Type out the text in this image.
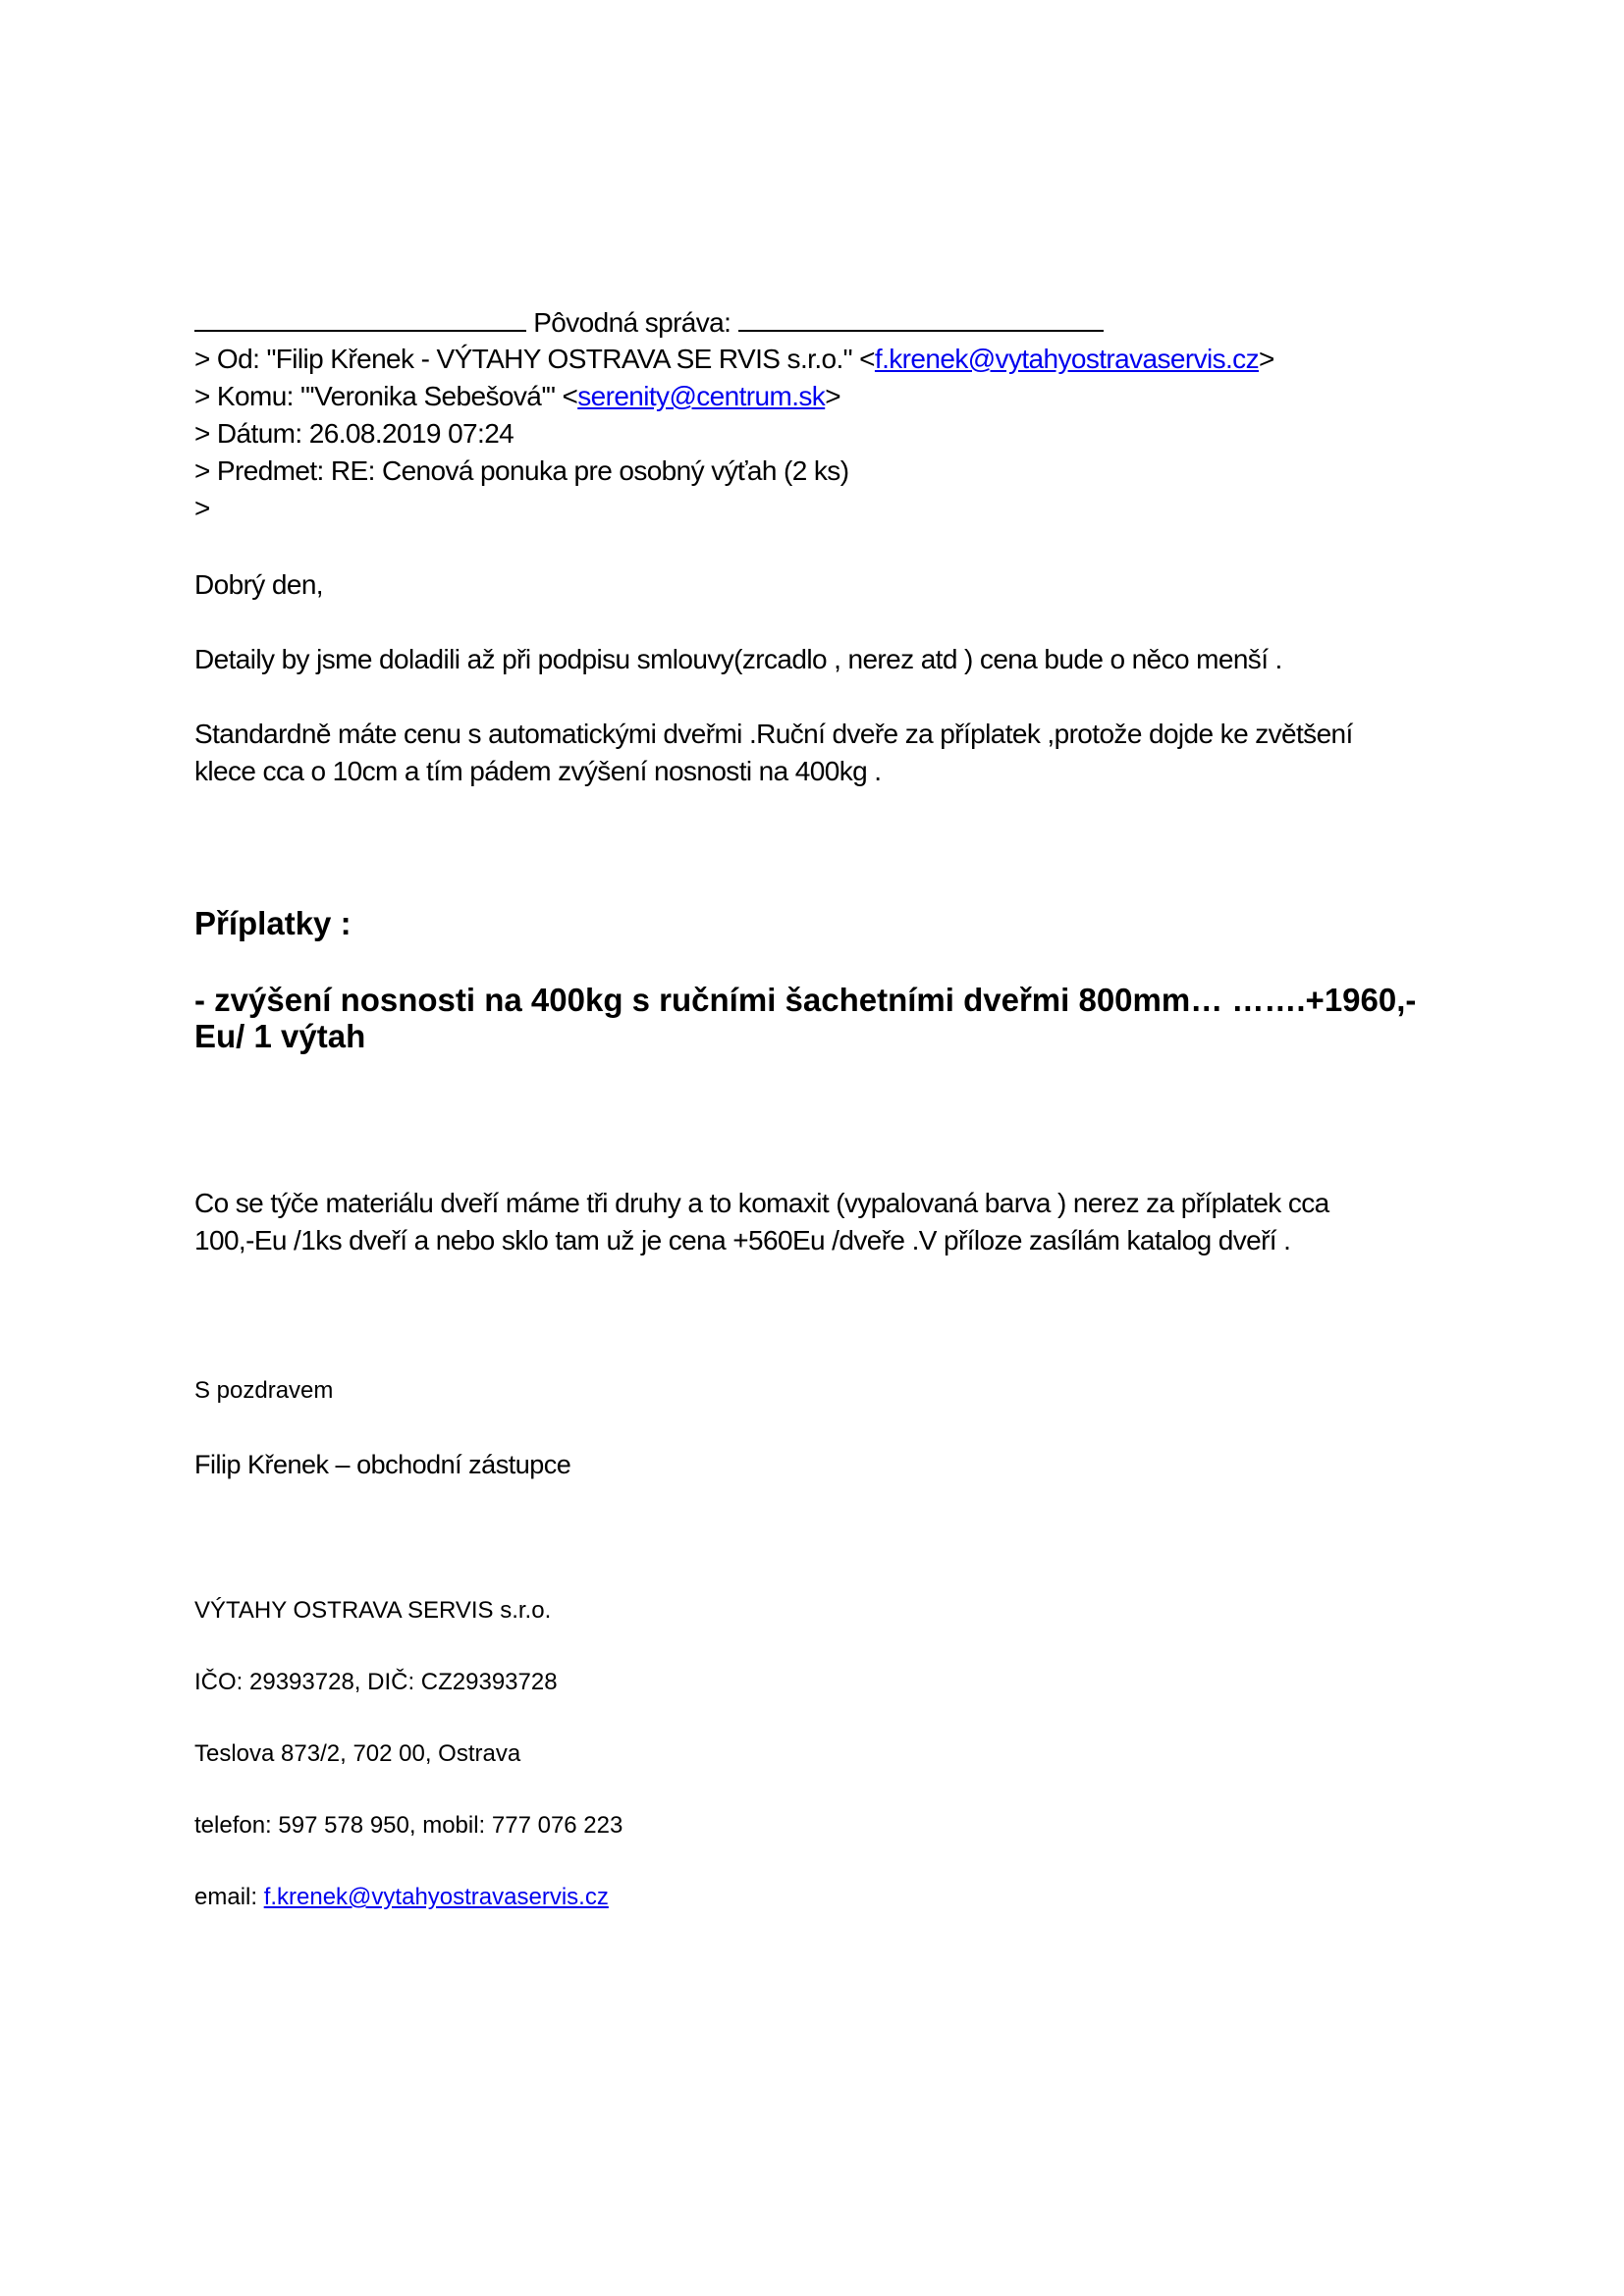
Pôvodná správa:
> Od: "Filip Křenek - VÝTAHY OSTRAVA SE RVIS s.r.o." <f.krenek@vytahyostravaservis.cz>
> Komu: "'Veronika Sebešová'" <serenity@centrum.sk>
> Dátum: 26.08.2019 07:24
> Predmet: RE: Cenová ponuka pre osobný výťah (2 ks)
>
Dobrý den,
Detaily by jsme doladili až při podpisu smlouvy(zrcadlo , nerez atd ) cena bude o něco menší .
Standardně máte cenu s automatickými dveřmi .Ruční dveře za příplatek ,protože dojde ke zvětšení
klece cca o 10cm a tím pádem zvýšení nosnosti na 400kg .
Příplatky :
- zvýšení nosnosti na 400kg s ručními šachetními dveřmi 800mm… …….+1960,-
Eu/ 1 výtah
Co se týče materiálu dveří máme tři druhy a to komaxit (vypalovaná barva ) nerez za příplatek cca
100,-Eu /1ks dveří a nebo sklo tam už je cena +560Eu /dveře .V příloze zasílám katalog dveří .
S pozdravem
Filip Křenek – obchodní zástupce
VÝTAHY OSTRAVA SERVIS s.r.o.
IČO: 29393728, DIČ: CZ29393728
Teslova 873/2, 702 00, Ostrava
telefon: 597 578 950, mobil: 777 076 223
email: f.krenek@vytahyostravaservis.cz
